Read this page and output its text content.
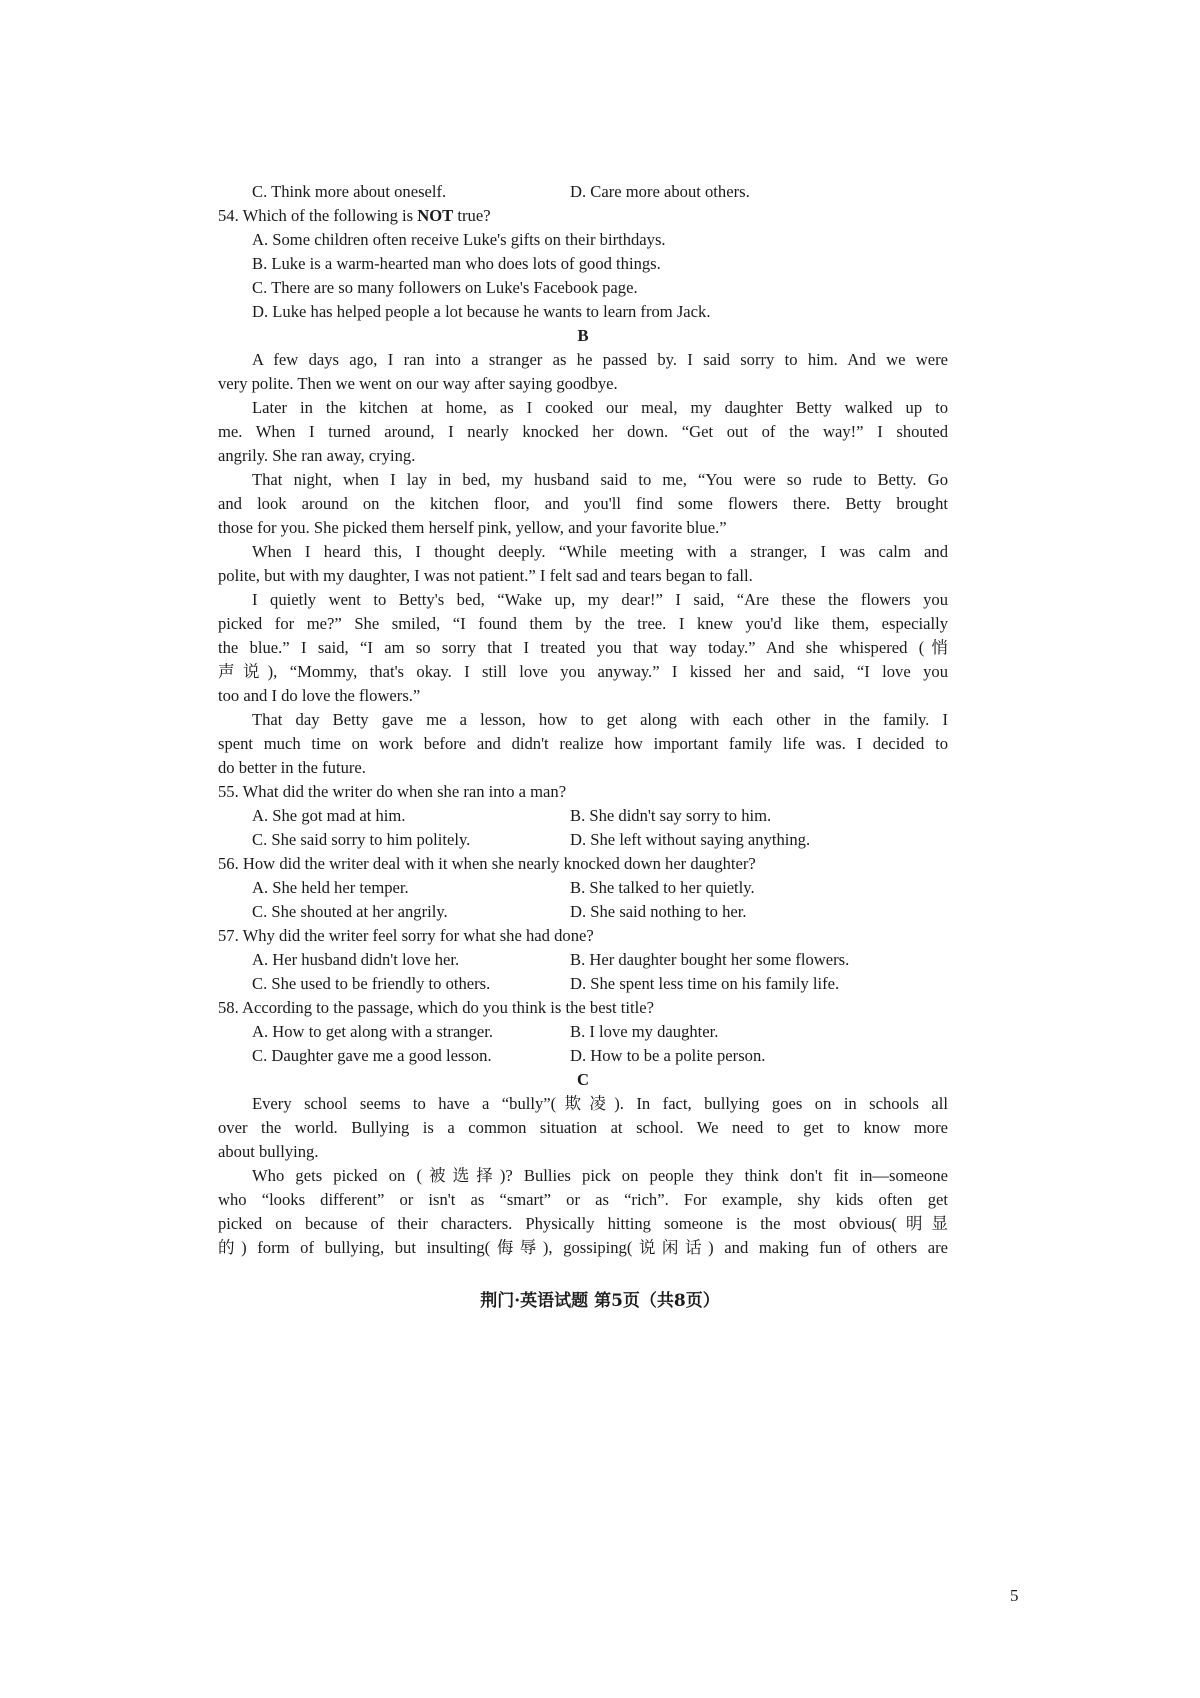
C. Think more about oneself.	D. Care more about others.
54. Which of the following is NOT true?
A. Some children often receive Luke's gifts on their birthdays.
B. Luke is a warm-hearted man who does lots of good things.
C. There are so many followers on Luke's Facebook page.
D. Luke has helped people a lot because he wants to learn from Jack.
B
A few days ago, I ran into a stranger as he passed by. I said sorry to him. And we were
very polite. Then we went on our way after saying goodbye.
Later in the kitchen at home, as I cooked our meal, my daughter Betty walked up to
me. When I turned around, I nearly knocked her down. “Get out of the way!” I shouted
angrily. She ran away, crying.
That night, when I lay in bed, my husband said to me, “You were so rude to Betty. Go
and look around on the kitchen floor, and you'll find some flowers there. Betty brought
those for you. She picked them herself pink, yellow, and your favorite blue.”
When I heard this, I thought deeply. “While meeting with a stranger, I was calm and
polite, but with my daughter, I was not patient.” I felt sad and tears began to fall.
I quietly went to Betty's bed, “Wake up, my dear!” I said, “Are these the flowers you
picked for me?” She smiled, “I found them by the tree. I knew you'd like them, especially
the blue.” I said, “I am so sorry that I treated you that way today.” And she whispered (悄
声说), “Mommy, that's okay. I still love you anyway.” I kissed her and said, “I love you
too and I do love the flowers.”
That day Betty gave me a lesson, how to get along with each other in the family. I
spent much time on work before and didn't realize how important family life was. I decided to
do better in the future.
55. What did the writer do when she ran into a man?
A. She got mad at him.	B. She didn't say sorry to him.
C. She said sorry to him politely.	D. She left without saying anything.
56. How did the writer deal with it when she nearly knocked down her daughter?
A. She held her temper.	B. She talked to her quietly.
C. She shouted at her angrily.	D. She said nothing to her.
57. Why did the writer feel sorry for what she had done?
A. Her husband didn't love her.	B. Her daughter bought her some flowers.
C. She used to be friendly to others.	D. She spent less time on his family life.
58. According to the passage, which do you think is the best title?
A. How to get along with a stranger.	B. I love my daughter.
C. Daughter gave me a good lesson.	D. How to be a polite person.
C
Every school seems to have a “bully”(欺凌). In fact, bullying goes on in schools all
over the world. Bullying is a common situation at school. We need to get to know more
about bullying.
Who gets picked on (被选择)? Bullies pick on people they think don't fit in—someone
who “looks different” or isn't as “smart” or as “rich”. For example, shy kids often get
picked on because of their characters. Physically hitting someone is the most obvious(明显
的) form of bullying, but insulting(侮辱), gossiping(说闲话) and making fun of others are
荆门·英语试题 第5页（共8页）
5
